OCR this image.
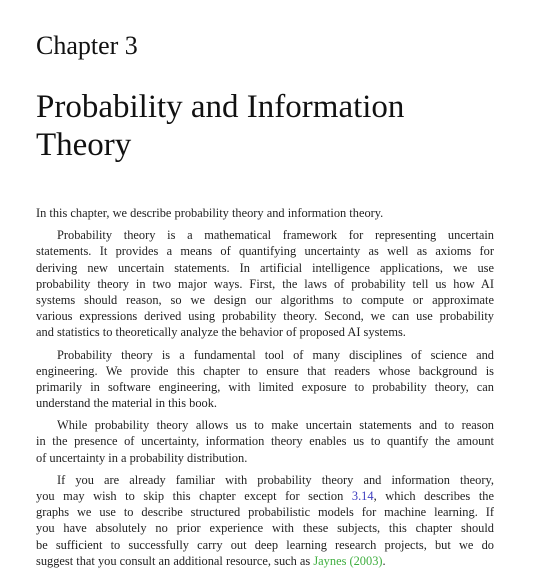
Chapter 3
Probability and Information
Theory

In this chapter, we describe probability theory and information theory.

Probability theory is a mathematical framework for representing uncertain
statements. It provides a means of quantifying uncertainty as well as axioms for
deriving new uncertain statements. In artificial intelligence applications, we use
probability theory in two major ways. First, the laws of probability tell us how AI
systems should reason, so we design our algorithms to compute or approximate
various expressions derived using probability theory. Second, we can use probability
and statistics to theoretically analyze the behavior of proposed AI systems.

Probability theory is a fundamental tool of many disciplines of science and
engineering. We provide this chapter to ensure that readers whose background is
primarily in software engineering, with limited exposure to probability theory, can
understand the material in this book.

While probability theory allows us to make uncertain statements and to reason
in the presence of uncertainty, information theory enables us to quantify the amount
of uncertainty in a probability distribution.

If you are already familiar with probability theory and information theory,
you may wish to skip this chapter except for section 3.14, which describes the
graphs we use to describe structured probabilistic models for machine learning. If
you have absolutely no prior experience with these subjects, this chapter should
be sufficient to successfully carry out deep learning research projects, but we do
suggest that you consult an additional resource, such as Jaynes (2003).
